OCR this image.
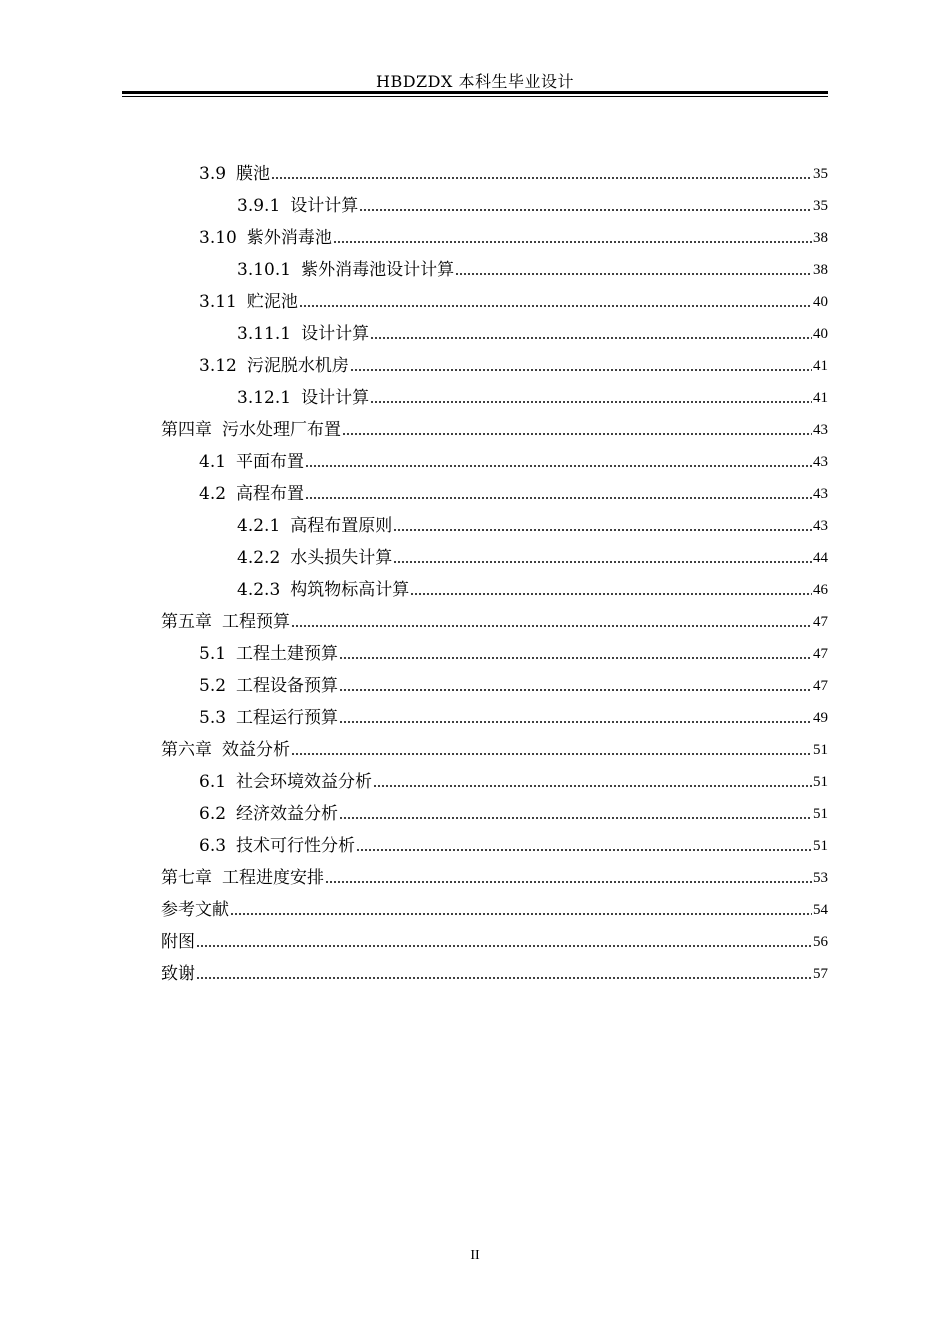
HBDZDX 本科生毕业设计
3.9 膜池	35
3.9.1 设计计算	35
3.10 紫外消毒池	38
3.10.1 紫外消毒池设计计算	38
3.11 贮泥池	40
3.11.1 设计计算	40
3.12 污泥脱水机房	41
3.12.1 设计计算	41
第四章 污水处理厂布置	43
4.1 平面布置	43
4.2 高程布置	43
4.2.1 高程布置原则	43
4.2.2 水头损失计算	44
4.2.3 构筑物标高计算	46
第五章 工程预算	47
5.1 工程土建预算	47
5.2 工程设备预算	47
5.3 工程运行预算	49
第六章 效益分析	51
6.1 社会环境效益分析	51
6.2 经济效益分析	51
6.3 技术可行性分析	51
第七章 工程进度安排	53
参考文献	54
附图	56
致谢	57
II
